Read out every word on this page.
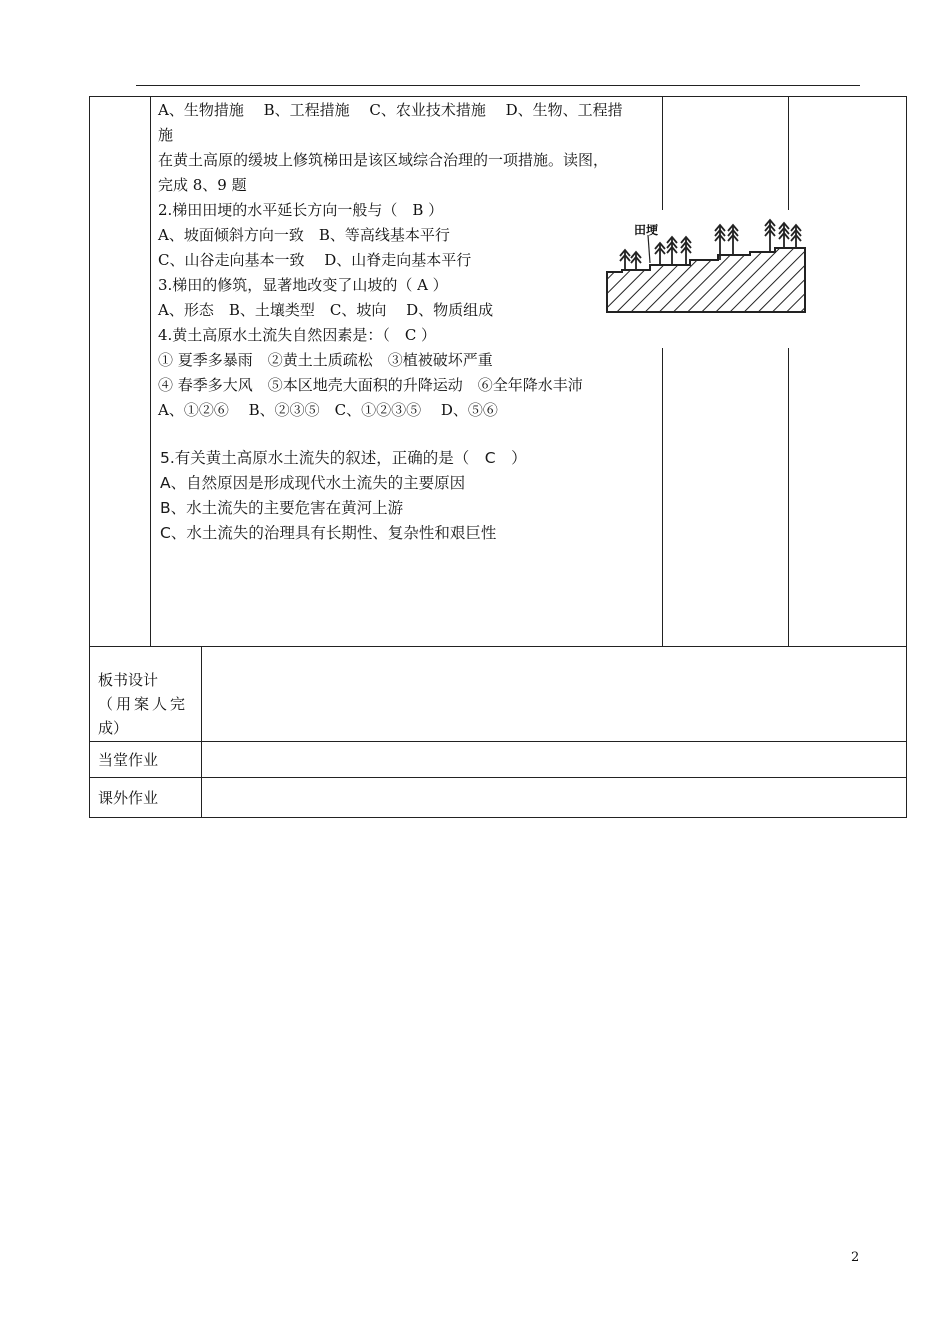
A、生物措施　 B、工程措施　 C、农业技术措施　 D、生物、工程措
施
在黄土高原的缓坡上修筑梯田是该区域综合治理的一项措施。读图，
完成 8、9 题
2.梯田田埂的水平延长方向一般与（　B ）
A、坡面倾斜方向一致　B、等高线基本平行
C、山谷走向基本一致　 D、山脊走向基本平行
3.梯田的修筑，显著地改变了山坡的（ A ）
A、形态　B、土壤类型　C、坡向　 D、物质组成
4.黄土高原水土流失自然因素是：（　C ）
① 夏季多暴雨　②黄土土质疏松　③植被破坏严重
④ 春季多大风　⑤本区地壳大面积的升降运动　⑥全年降水丰沛
A、①②⑥　 B、②③⑤　C、①②③⑤　 D、⑤⑥
5.有关黄土高原水土流失的叙述，正确的是（　C　）
A、自然原因是形成现代水土流失的主要原因
B、水土流失的主要危害在黄河上游
C、水土流失的治理具有长期性、复杂性和艰巨性
田埂
板书设计
（用案人完
成）
当堂作业
课外作业
2
